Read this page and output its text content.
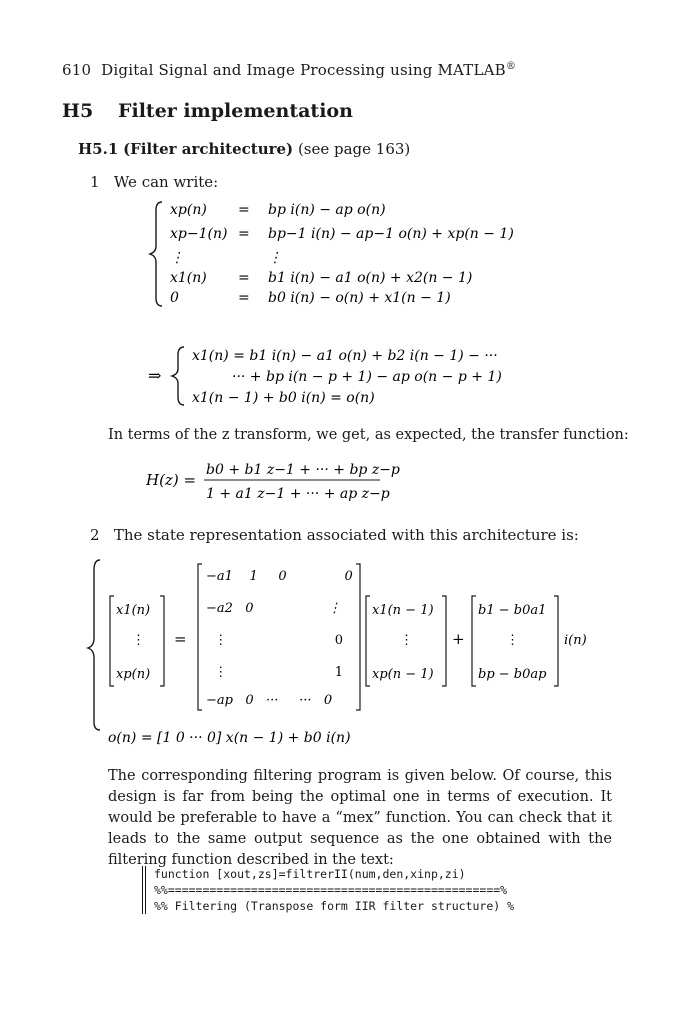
610 Digital Signal and Image Processing using MATLAB®
H5 Filter implementation
H5.1 (Filter architecture) (see page 163)
1 We can write:
xp(n) = bp i(n) − ap o(n)
xp−1(n) = bp−1 i(n) − ap−1 o(n) + xp(n − 1)
⋮	⋮
x1(n) = b1 i(n) − a1 o(n) + x2(n − 1)
0	= b0 i(n) − o(n) + x1(n − 1)
⇒
x1(n) = b1 i(n) − a1 o(n) + b2 i(n − 1) − ···
··· + bp i(n − p + 1) − ap o(n − p + 1)
x1(n − 1) + b0 i(n) = o(n)
In terms of the z transform, we get, as expected, the transfer function:
H(z) =
b0 + b1 z−1 + ··· + bp z−p
1 + a1 z−1 + ··· + ap z−p
2 The state representation associated with this architecture is:
x1(n)
⋮
xp(n)
=
−a1    1     0              0
−a2   0                  ⋮
⋮                          0
⋮                          1
−ap   0   ···     ···   0
x1(n − 1)
⋮
xp(n − 1)
+
b1 − b0a1
⋮
bp − b0ap
i(n)
o(n) = [1 0 ··· 0] x(n − 1) + b0 i(n)
The corresponding filtering program is given below. Of course, this design is far from being the optimal one in terms of execution. It would be preferable to have a “mex” function. You can check that it leads to the same output sequence as the one obtained with the filtering function described in the text:
function [xout,zs]=filtrerII(num,den,xinp,zi)
%%================================================%
%% Filtering (Transpose form IIR filter structure) %
